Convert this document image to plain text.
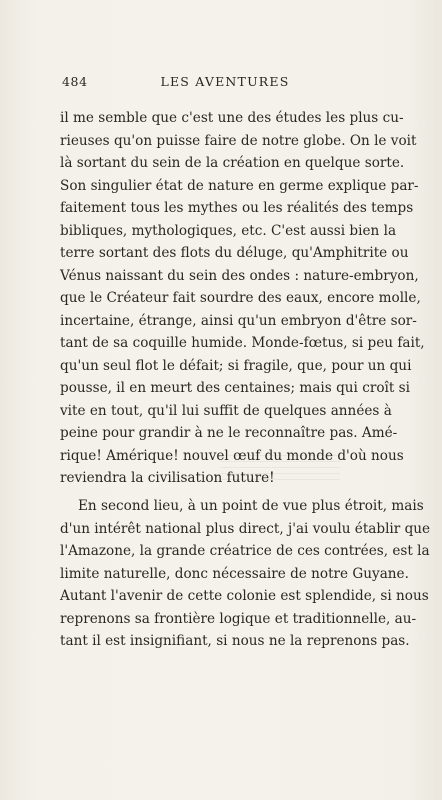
484	LES AVENTURES
il me semble que c'est une des études les plus cu-
rieuses qu'on puisse faire de notre globe. On le voit
là sortant du sein de la création en quelque sorte.
Son singulier état de nature en germe explique par-
faitement tous les mythes ou les réalités des temps
bibliques, mythologiques, etc. C'est aussi bien la
terre sortant des flots du déluge, qu'Amphitrite ou
Vénus naissant du sein des ondes : nature-embryon,
que le Créateur fait sourdre des eaux, encore molle,
incertaine, étrange, ainsi qu'un embryon d'être sor-
tant de sa coquille humide. Monde-fœtus, si peu fait,
qu'un seul flot le défait; si fragile, que, pour un qui
pousse, il en meurt des centaines; mais qui croît si
vite en tout, qu'il lui suffit de quelques années à
peine pour grandir à ne le reconnaître pas. Amé-
rique! Amérique! nouvel œuf du monde d'où nous
reviendra la civilisation future!
En second lieu, à un point de vue plus étroit, mais
d'un intérêt national plus direct, j'ai voulu établir que
l'Amazone, la grande créatrice de ces contrées, est la
limite naturelle, donc nécessaire de notre Guyane.
Autant l'avenir de cette colonie est splendide, si nous
reprenons sa frontière logique et traditionnelle, au-
tant il est insignifiant, si nous ne la reprenons pas.
